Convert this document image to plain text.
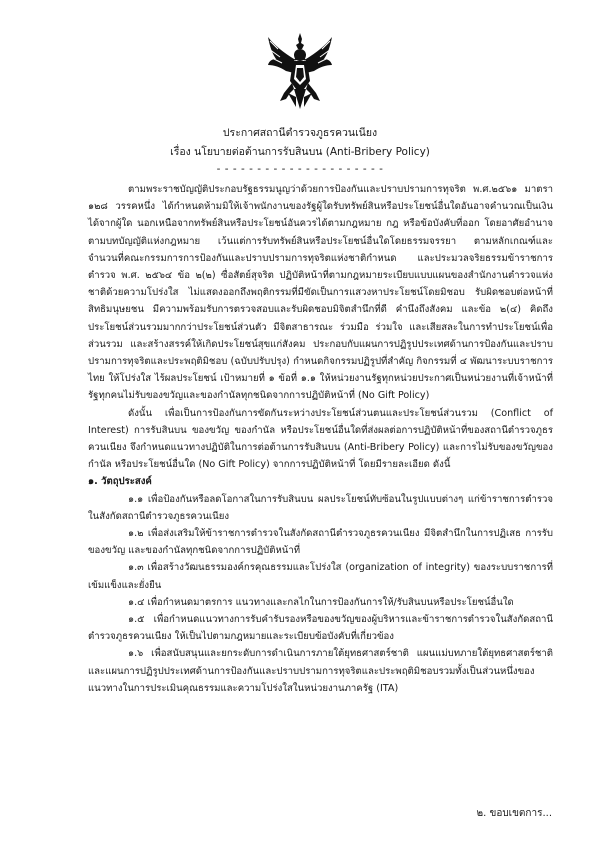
ประกาศสถานีตำรวจภูธรควนเนียง
เรื่อง นโยบายต่อต้านการรับสินบน (Anti-Bribery Policy)
- - - - - - - - - - - - - - - - - - - - -

ตามพระราชบัญญัติประกอบรัฐธรรมนูญว่าด้วยการป้องกันและปราบปรามการทุจริต พ.ศ.๒๕๖๑ มาตรา ๑๒๘ วรรคหนึ่ง ได้กำหนดห้ามมิให้เจ้าพนักงานของรัฐผู้ใดรับทรัพย์สินหรือประโยชน์อื่นใดอันอาจคำนวณเป็นเงินได้จากผู้ใด นอกเหนือจากทรัพย์สินหรือประโยชน์อันควรได้ตามกฎหมาย กฎ หรือข้อบังคับที่ออก โดยอาศัยอำนาจตามบทบัญญัติแห่งกฎหมาย เว้นแต่การรับทรัพย์สินหรือประโยชน์อื่นใดโดยธรรมจรรยา ตามหลักเกณฑ์และจำนวนที่คณะกรรมการการป้องกันและปราบปรามการทุจริตแห่งชาติกำหนด และประมวลจริยธรรมข้าราชการตำรวจ พ.ศ. ๒๕๖๔ ข้อ ๒(๒) ซื่อสัตย์สุจริต ปฏิบัติหน้าที่ตามกฎหมายระเบียบแบบแผนของสำนักงานตำรวจแห่งชาติด้วยความโปร่งใส ไม่แสดงออกถึงพฤติกรรมที่มีขัดเป็นการแสวงหาประโยชน์โดยมิชอบ รับผิดชอบต่อหน้าที่สิทธิมนุษยชน มีความพร้อมรับการตรวจสอบและรับผิดชอบมิจิตสำนึกที่ดี คำนึงถึงสังคม และข้อ ๒(๔) คิดถึงประโยชน์ส่วนรวมมากกว่าประโยชน์ส่วนตัว มีจิตสาธารณะ ร่วมมือ ร่วมใจ และเสียสละในการทำประโยชน์เพื่อส่วนรวม และสร้างสรรค์ให้เกิดประโยชน์สุขแก่สังคม ประกอบกับแผนการปฏิรูปประเทศด้านการป้องกันและปราบปรามการทุจริตและประพฤติมิชอบ (ฉบับปรับปรุง) กำหนดกิจกรรมปฏิรูปที่สำคัญ กิจกรรมที่ ๔ พัฒนาระบบราชการไทย ให้โปร่งใส ไร้ผลประโยชน์ เป้าหมายที่ ๑ ข้อที่ ๑.๑ ให้หน่วยงานรัฐทุกหน่วยประกาศเป็นหน่วยงานที่เจ้าหน้าที่รัฐทุกคนไม่รับของขวัญและของกำนัลทุกชนิดจากการปฏิบัติหน้าที่ (No Gift Policy)

ดังนั้น เพื่อเป็นการป้องกันการขัดกันระหว่างประโยชน์ส่วนตนและประโยชน์ส่วนรวม (Conflict of Interest) การรับสินบน ของขวัญ ของกำนัล หรือประโยชน์อื่นใดที่ส่งผลต่อการปฏิบัติหน้าที่ของสถานีตำรวจภูธรควนเนียง จึงกำหนดแนวทางปฏิบัติในการต่อต้านการรับสินบน (Anti-Bribery Policy) และการไม่รับของขวัญของกำนัล หรือประโยชน์อื่นใด (No Gift Policy) จากการปฏิบัติหน้าที่ โดยมีรายละเอียด ดังนี้

๑. วัตถุประสงค์

๑.๑ เพื่อป้องกันหรือลดโอกาสในการรับสินบน ผลประโยชน์ทับซ้อนในรูปแบบต่างๆ แก่ข้าราชการตำรวจในสังกัดสถานีตำรวจภูธรควนเนียง

๑.๒ เพื่อส่งเสริมให้ข้าราชการตำรวจในสังกัดสถานีตำรวจภูธรควนเนียง มีจิตสำนึกในการปฏิเสธ การรับของขวัญ และของกำนัลทุกชนิดจากการปฏิบัติหน้าที่

๑.๓ เพื่อสร้างวัฒนธรรมองค์กรคุณธรรมและโปร่งใส (organization of integrity) ของระบบราชการที่เข้มแข็งและยั่งยืน

๑.๔ เพื่อกำหนดมาตรการ แนวทางและกลไกในการป้องกันการให้/รับสินบนหรือประโยชน์อื่นใด

๑.๕ เพื่อกำหนดแนวทางการรับคำรับรองหรือของขวัญของผู้บริหารและข้าราชการตำรวจในสังกัดสถานีตำรวจภูธรควนเนียง ให้เป็นไปตามกฎหมายและระเบียบข้อบังคับที่เกี่ยวข้อง

๑.๖ เพื่อสนับสนุนและยกระดับการดำเนินการภายใต้ยุทธศาสตร์ชาติ แผนแม่บทภายใต้ยุทธศาสตร์ชาติ และแผนการปฏิรูปประเทศด้านการป้องกันและปราบปรามการทุจริตและประพฤติมิชอบรวมทั้งเป็นส่วนหนึ่งของแนวทางในการประเมินคุณธรรมและความโปร่งใสในหน่วยงานภาครัฐ (ITA)

๒. ขอบเขตการ...
